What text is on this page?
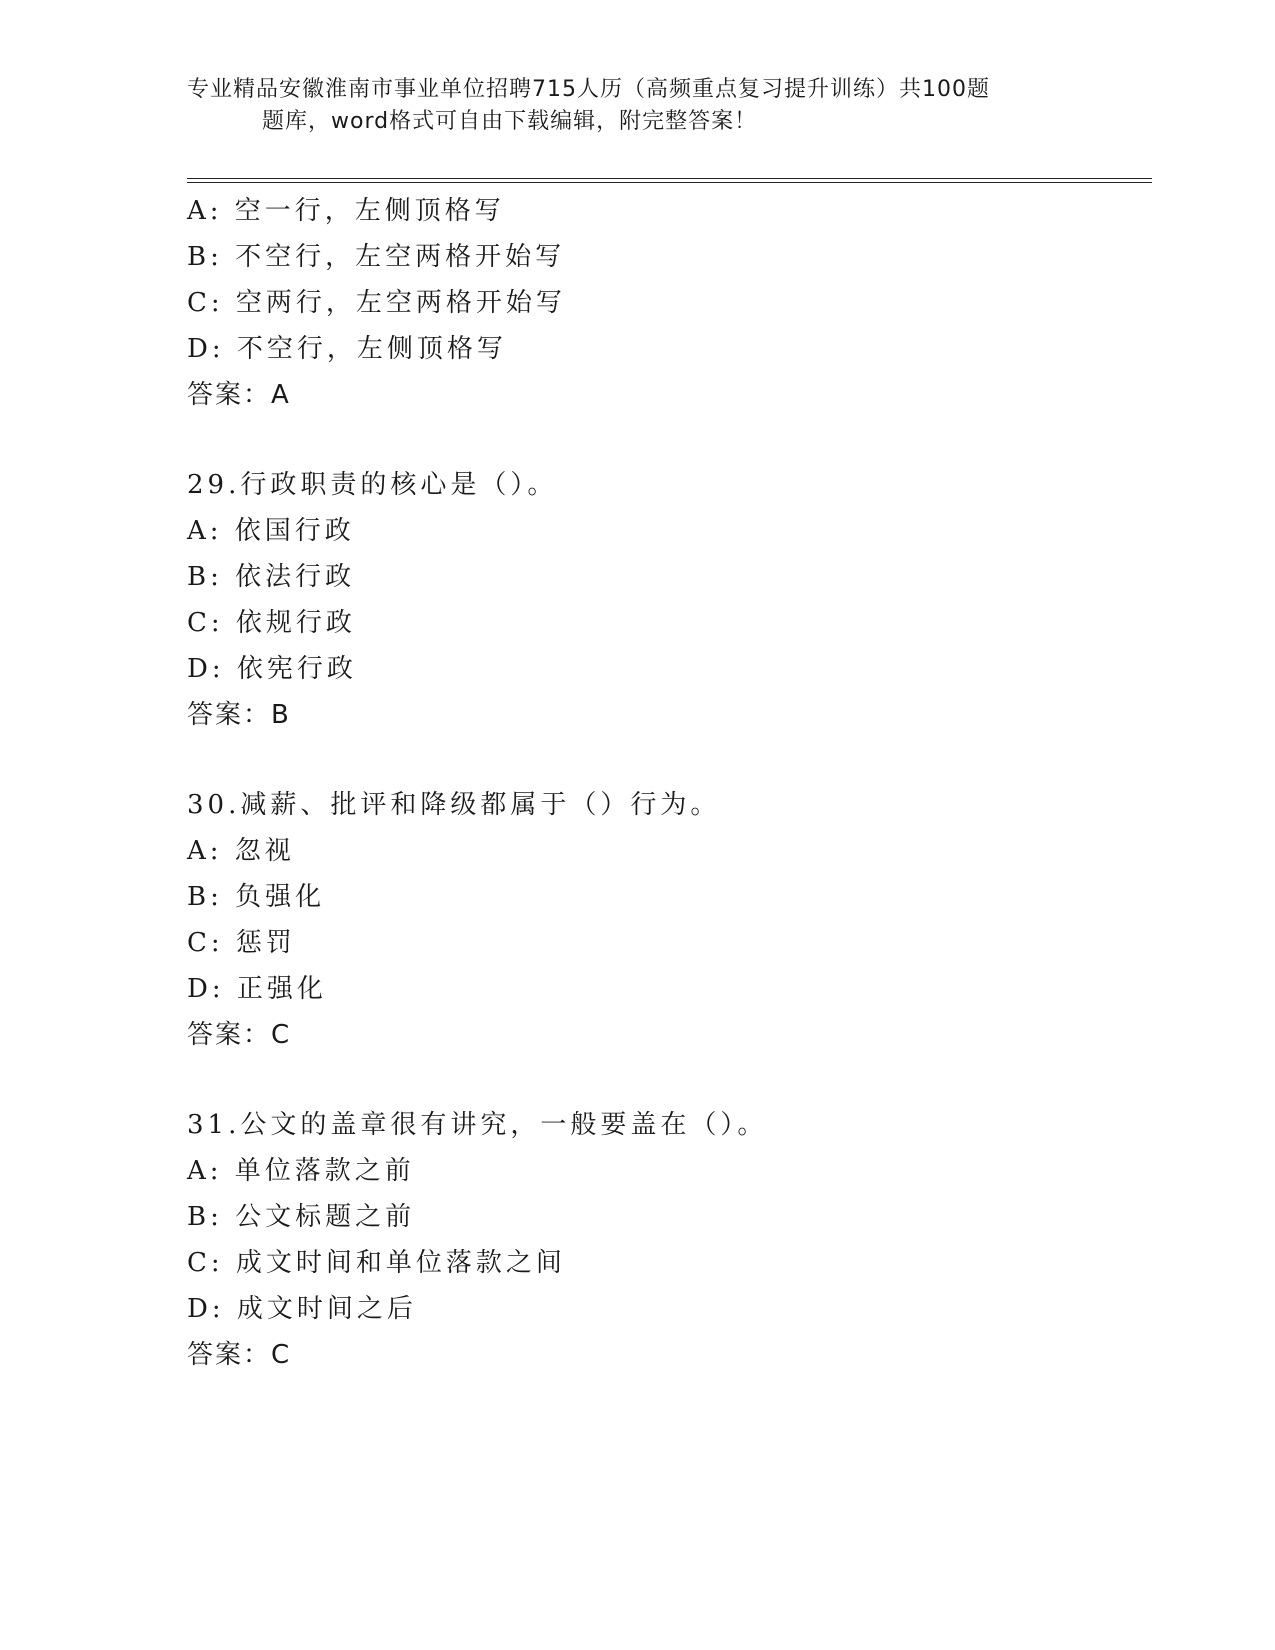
专业精品安徽淮南市事业单位招聘715人历（高频重点复习提升训练）共100题
题库，word格式可自由下载编辑，附完整答案！
A: 空一行，左侧顶格写
B: 不空行，左空两格开始写
C: 空两行，左空两格开始写
D: 不空行，左侧顶格写
答案：A
29.行政职责的核心是（）。
A: 依国行政
B: 依法行政
C: 依规行政
D: 依宪行政
答案：B
30.减薪、批评和降级都属于（）行为。
A: 忽视
B: 负强化
C: 惩罚
D: 正强化
答案：C
31.公文的盖章很有讲究，一般要盖在（）。
A: 单位落款之前
B: 公文标题之前
C: 成文时间和单位落款之间
D: 成文时间之后
答案：C
